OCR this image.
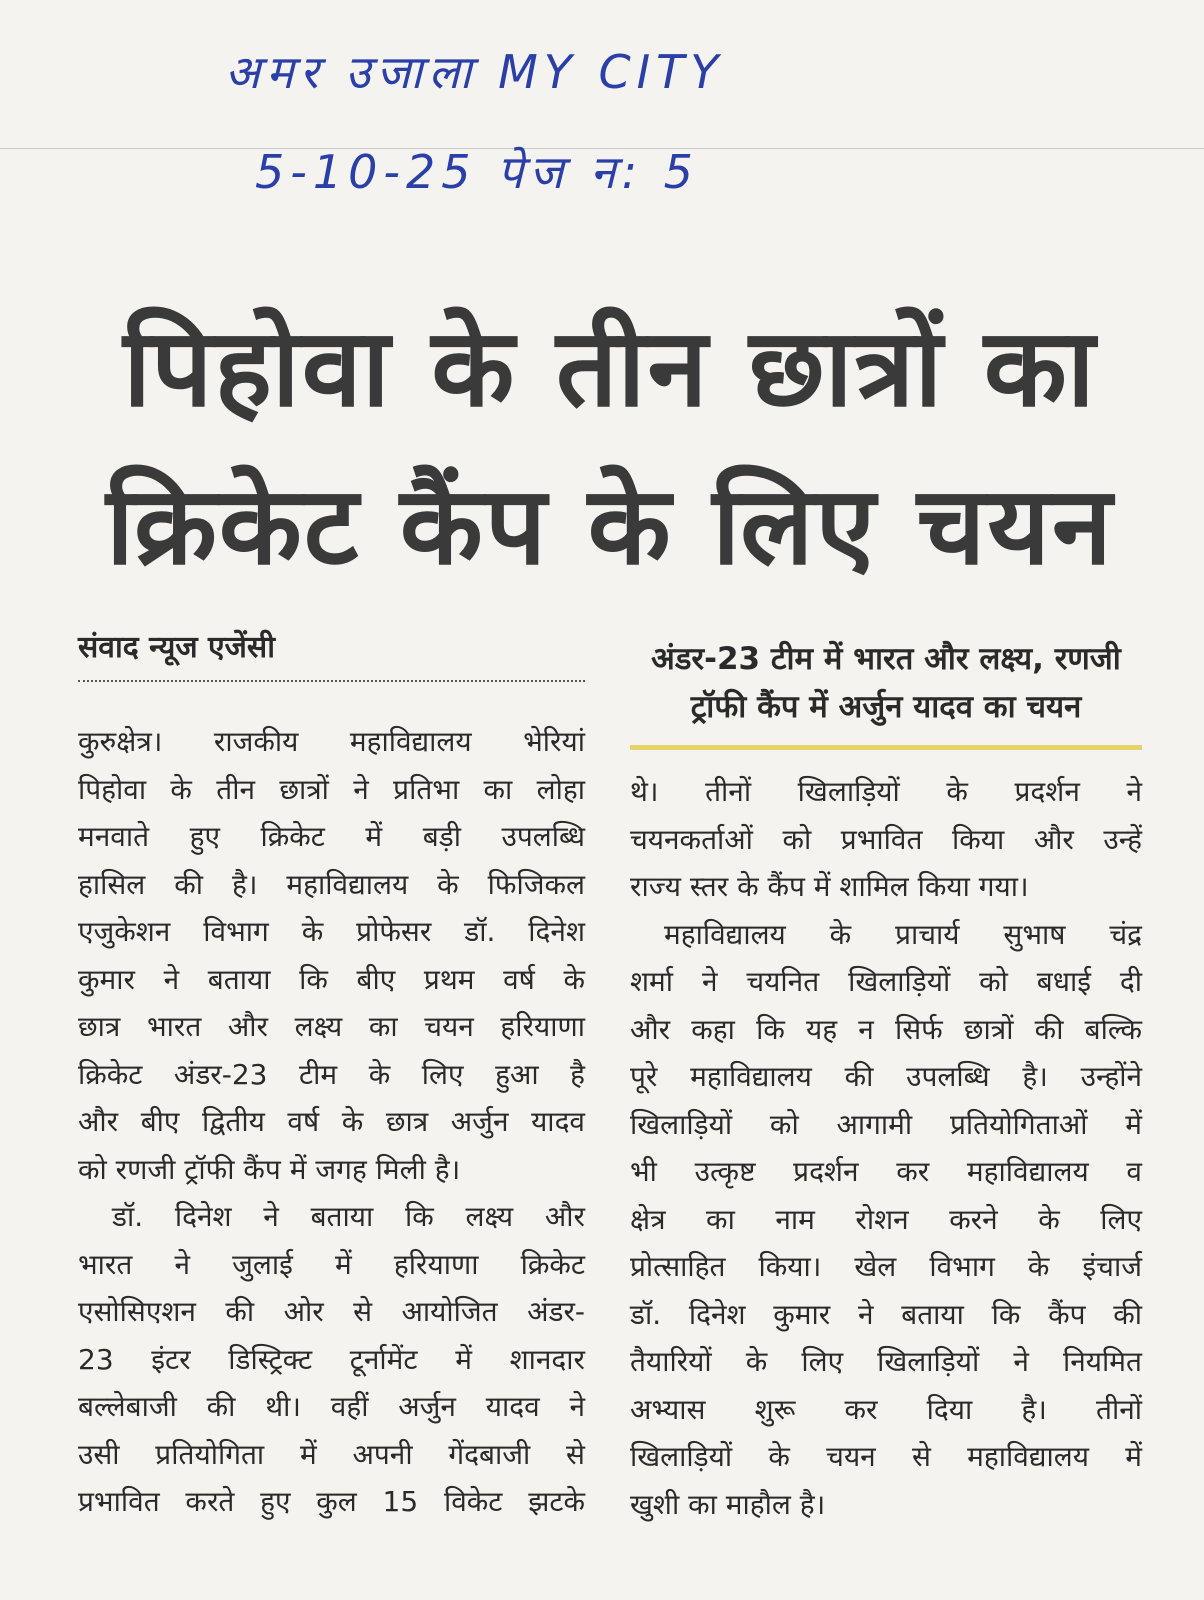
अमर उजाला MY CITY
5-10-25 पेज न: 5
पिहोवा के तीन छात्रों का
क्रिकेट कैंप के लिए चयन
संवाद न्यूज एजेंसी	अंडर-23 टीम में भारत और लक्ष्य, रणजी
ट्रॉफी कैंप में अर्जुन यादव का चयन
कुरुक्षेत्र। राजकीय महाविद्यालय भेरियां
पिहोवा के तीन छात्रों ने प्रतिभा का लोहा
मनवाते हुए क्रिकेट में बड़ी उपलब्धि
हासिल की है। महाविद्यालय के फिजिकल
एजुकेशन विभाग के प्रोफेसर डॉ. दिनेश
कुमार ने बताया कि बीए प्रथम वर्ष के
छात्र भारत और लक्ष्य का चयन हरियाणा
क्रिकेट अंडर-23 टीम के लिए हुआ है
और बीए द्वितीय वर्ष के छात्र अर्जुन यादव
को रणजी ट्रॉफी कैंप में जगह मिली है।
डॉ. दिनेश ने बताया कि लक्ष्य और
भारत ने जुलाई में हरियाणा क्रिकेट
एसोसिएशन की ओर से आयोजित अंडर-
23 इंटर डिस्ट्रिक्ट टूर्नामेंट में शानदार
बल्लेबाजी की थी। वहीं अर्जुन यादव ने
उसी प्रतियोगिता में अपनी गेंदबाजी से
प्रभावित करते हुए कुल 15 विकेट झटके
थे। तीनों खिलाड़ियों के प्रदर्शन ने
चयनकर्ताओं को प्रभावित किया और उन्हें
राज्य स्तर के कैंप में शामिल किया गया।
महाविद्यालय के प्राचार्य सुभाष चंद्र
शर्मा ने चयनित खिलाड़ियों को बधाई दी
और कहा कि यह न सिर्फ छात्रों की बल्कि
पूरे महाविद्यालय की उपलब्धि है। उन्होंने
खिलाड़ियों को आगामी प्रतियोगिताओं में
भी उत्कृष्ट प्रदर्शन कर महाविद्यालय व
क्षेत्र का नाम रोशन करने के लिए
प्रोत्साहित किया। खेल विभाग के इंचार्ज
डॉ. दिनेश कुमार ने बताया कि कैंप की
तैयारियों के लिए खिलाड़ियों ने नियमित
अभ्यास शुरू कर दिया है। तीनों
खिलाड़ियों के चयन से महाविद्यालय में
खुशी का माहौल है।
